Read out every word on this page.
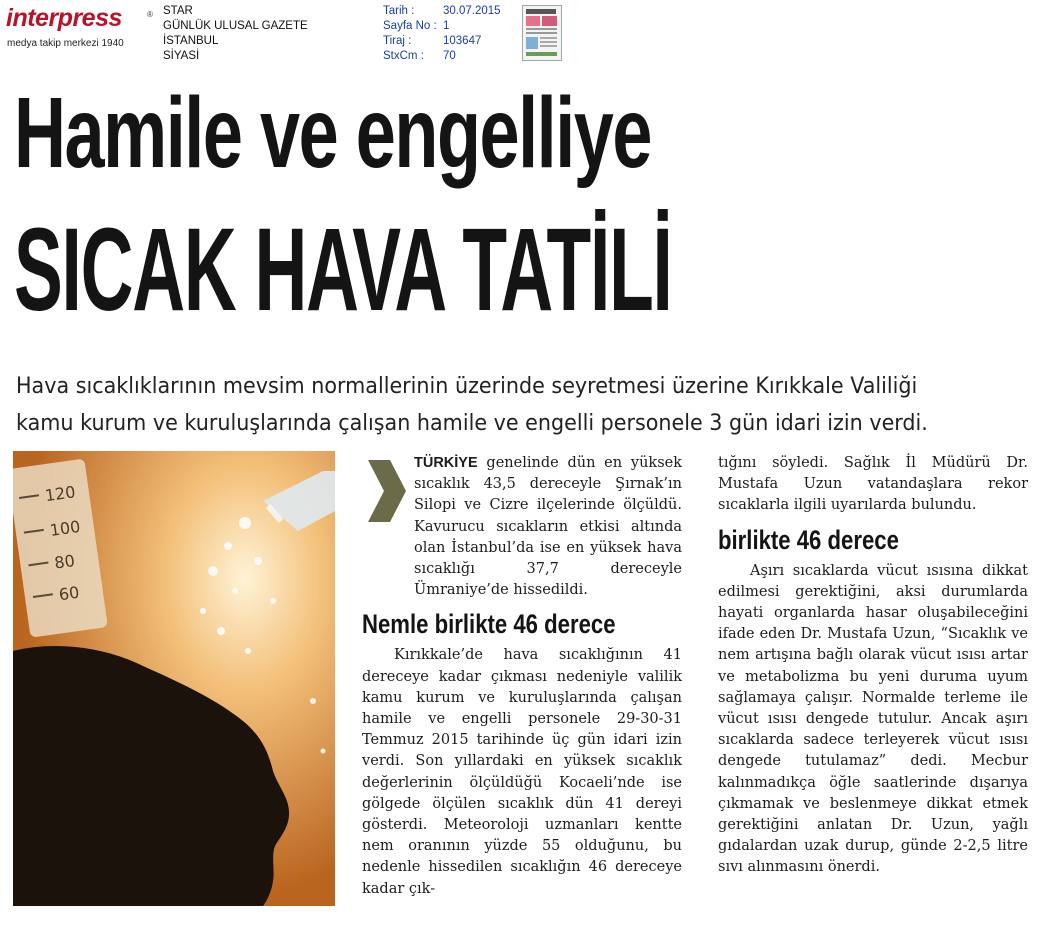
interpress	®
medya takip merkezi 1940
STAR
GÜNLÜK ULUSAL GAZETE
İSTANBUL
SİYASİ
Tarih :	30.07.2015
Sayfa No : 1
Tiraj :	103647
StxCm :	70
Hamile ve engelliye
SICAK HAVA TATİLİ
Hava sıcaklıklarının mevsim normallerinin üzerinde seyretmesi üzerine Kırıkkale Valiliği
kamu kurum ve kuruluşlarında çalışan hamile ve engelli personele 3 gün idari izin verdi.
120
100
80
60

TÜRKİYE genelinde dün en yüksek sıcaklık 43,5 dereceyle Şırnak’ın Silopi ve Cizre ilçelerinde ölçüldü. Kavurucu sıcakların etkisi altında olan İstanbul’da ise en yüksek hava sıcaklığı 37,7 dereceyle Ümraniye’de hissedildi.

Nemle birlikte 46 derece

Kırıkkale’de hava sıcaklığının 41 dereceye kadar çıkması nedeniyle valilik kamu kurum ve kuruluşlarında çalışan hamile ve engelli personele 29-30-31 Temmuz 2015 tarihinde üç gün idari izin verdi. Son yıllardaki en yüksek sıcaklık değerlerinin ölçüldüğü Kocaeli’nde ise gölgede ölçülen sıcaklık dün 41 dereyi gösterdi. Meteoroloji uzmanları kentte nem oranının yüzde 55 olduğunu, bu nedenle hissedilen sıcaklığın 46 dereceye kadar çık-

tığını söyledi. Sağlık İl Müdürü Dr. Mustafa Uzun vatandaşlara rekor sıcaklarla ilgili uyarılarda bulundu.

birlikte 46 derece

Aşırı sıcaklarda vücut ısısına dikkat edilmesi gerektiğini, aksi durumlarda hayati organlarda hasar oluşabileceğini ifade eden Dr. Mustafa Uzun, “Sıcaklık ve nem artışına bağlı olarak vücut ısısı artar ve metabolizma bu yeni duruma uyum sağlamaya çalışır. Normalde terleme ile vücut ısısı dengede tutulur. Ancak aşırı sıcaklarda sadece terleyerek vücut ısısı dengede tutulamaz” dedi. Mecbur kalınmadıkça öğle saatlerinde dışarıya çıkmamak ve beslenmeye dikkat etmek gerektiğini anlatan Dr. Uzun, yağlı gıdalardan uzak durup, günde 2-2,5 litre sıvı alınmasını önerdi.
